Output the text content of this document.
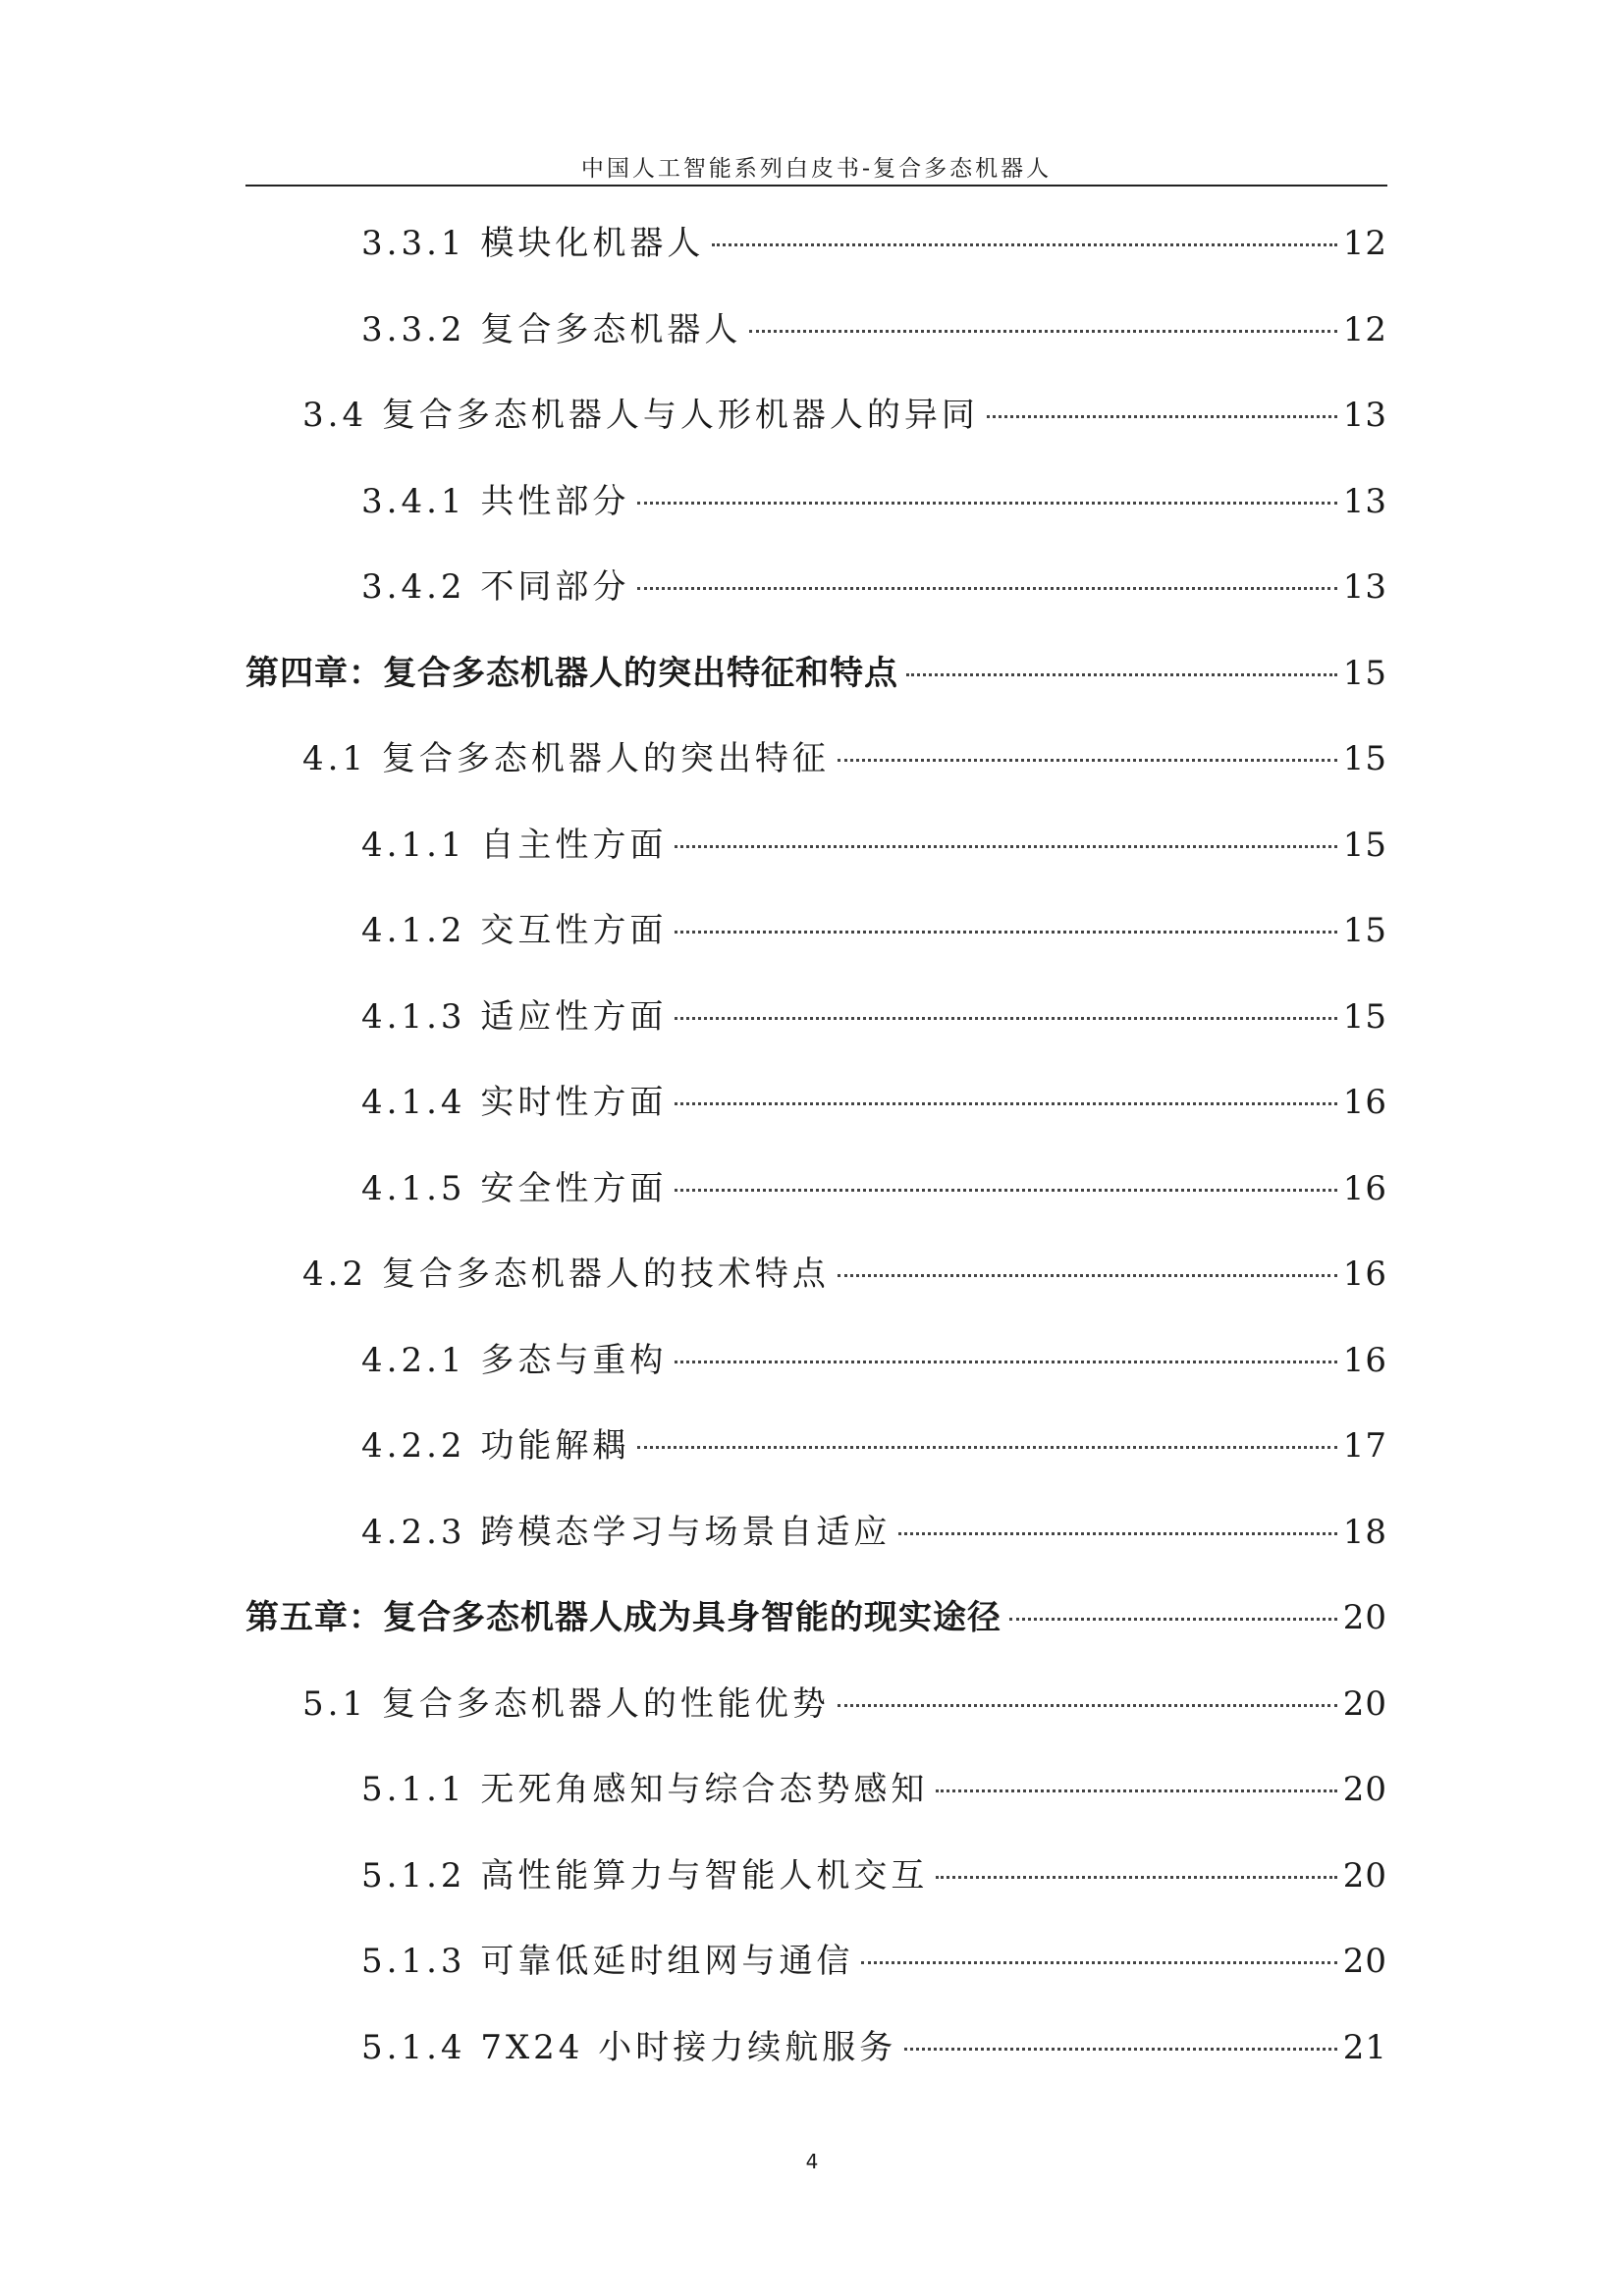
中国人工智能系列白皮书-复合多态机器人
3.3.1 模块化机器人	12
3.3.2 复合多态机器人	12
3.4 复合多态机器人与人形机器人的异同	13
3.4.1 共性部分	13
3.4.2 不同部分	13
第四章：复合多态机器人的突出特征和特点	15
4.1 复合多态机器人的突出特征	15
4.1.1 自主性方面	15
4.1.2 交互性方面	15
4.1.3 适应性方面	15
4.1.4 实时性方面	16
4.1.5 安全性方面	16
4.2 复合多态机器人的技术特点	16
4.2.1 多态与重构	16
4.2.2 功能解耦	17
4.2.3 跨模态学习与场景自适应	18
第五章：复合多态机器人成为具身智能的现实途径	20
5.1 复合多态机器人的性能优势	20
5.1.1 无死角感知与综合态势感知	20
5.1.2 高性能算力与智能人机交互	20
5.1.3 可靠低延时组网与通信	20
5.1.4 7X24 小时接力续航服务	21
4
